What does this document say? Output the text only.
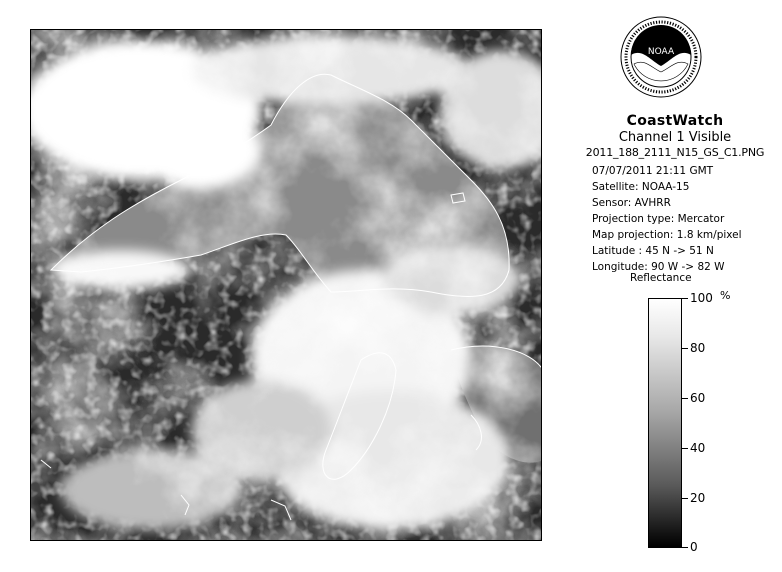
NOAA
CoastWatch
Channel 1 Visible
2011_188_2111_N15_GS_C1.PNG
07/07/2011 21:11 GMT
Satellite: NOAA-15
Sensor: AVHRR
Projection type: Mercator
Map projection: 1.8 km/pixel
Latitude : 45 N -> 51 N
Longitude: 90 W -> 82 W
Reflectance
%
100
80
60
40
20
0
